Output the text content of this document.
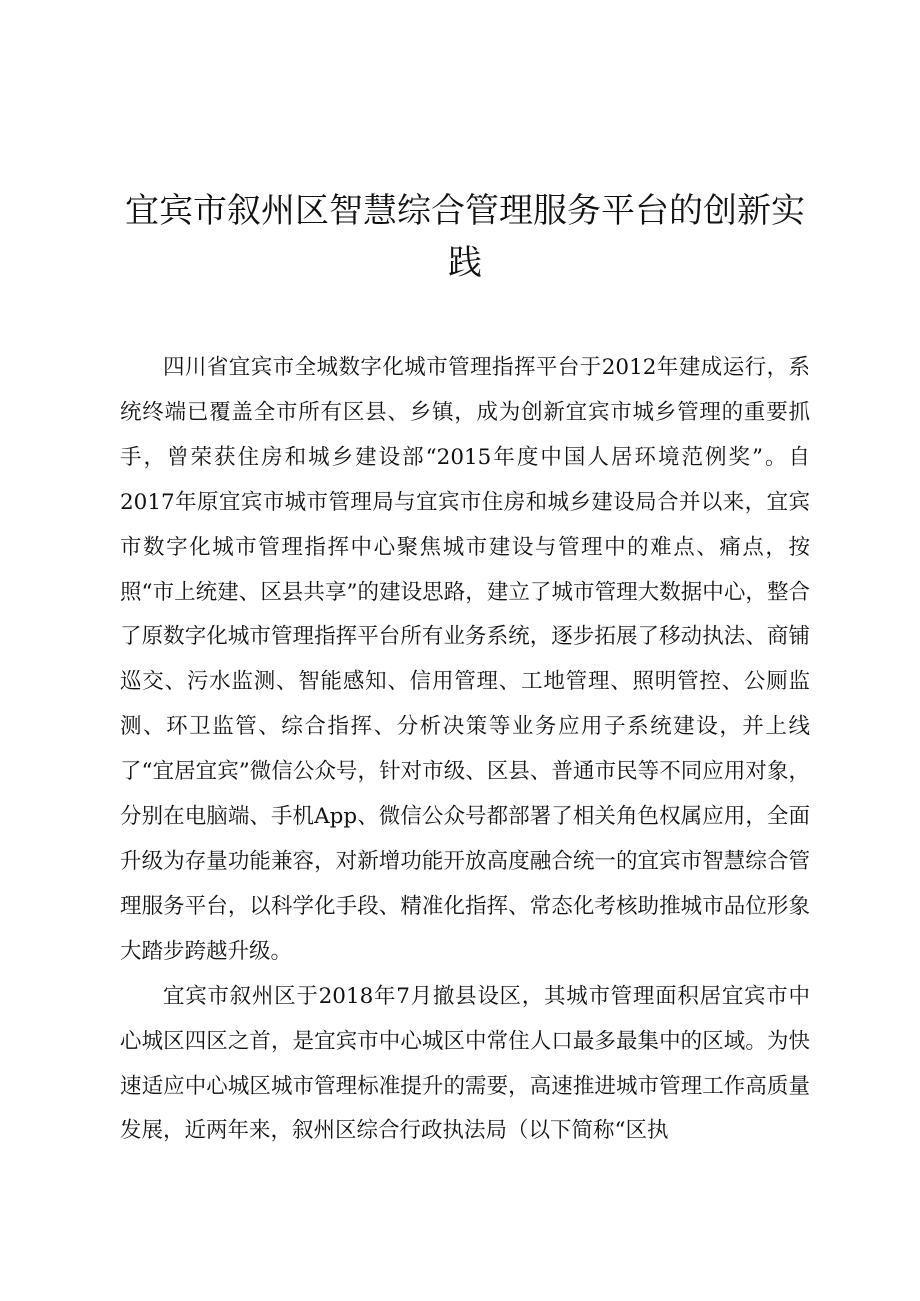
宜宾市叙州区智慧综合管理服务平台的创新实践

四川省宜宾市全城数字化城市管理指挥平台于2012年建成运行，系统终端已覆盖全市所有区县、乡镇，成为创新宜宾市城乡管理的重要抓手，曾荣获住房和城乡建设部“2015年度中国人居环境范例奖”。自2017年原宜宾市城市管理局与宜宾市住房和城乡建设局合并以来，宜宾市数字化城市管理指挥中心聚焦城市建设与管理中的难点、痛点，按照“市上统建、区县共享”的建设思路，建立了城市管理大数据中心，整合了原数字化城市管理指挥平台所有业务系统，逐步拓展了移动执法、商铺巡交、污水监测、智能感知、信用管理、工地管理、照明管控、公厕监测、环卫监管、综合指挥、分析决策等业务应用子系统建设，并上线了“宜居宜宾”微信公众号，针对市级、区县、普通市民等不同应用对象，分别在电脑端、手机App、微信公众号都部署了相关角色权属应用，全面升级为存量功能兼容，对新增功能开放高度融合统一的宜宾市智慧综合管理服务平台，以科学化手段、精准化指挥、常态化考核助推城市品位形象大踏步跨越升级。

宜宾市叙州区于2018年7月撤县设区，其城市管理面积居宜宾市中心城区四区之首，是宜宾市中心城区中常住人口最多最集中的区域。为快速适应中心城区城市管理标准提升的需要，高速推进城市管理工作高质量发展，近两年来，叙州区综合行政执法局（以下简称“区执
